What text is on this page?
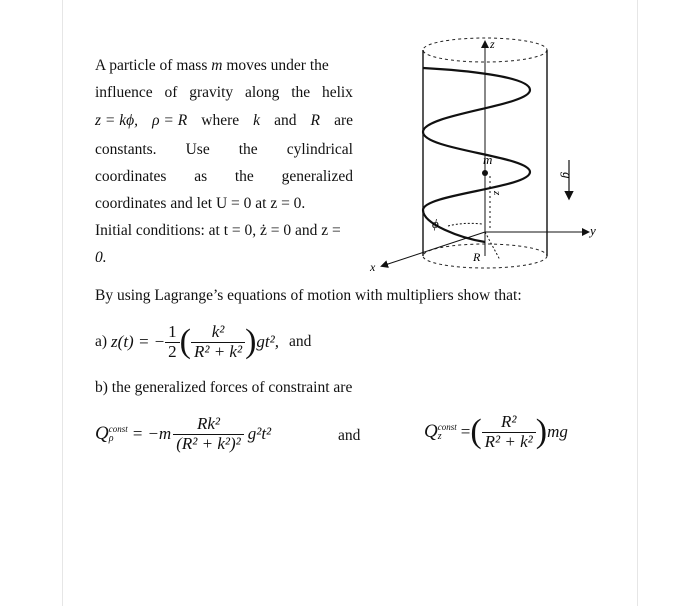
A particle of mass m moves under the
influence of gravity along the helix
z = kϕ, ρ = R where k and R are
constants. Use the cylindrical
coordinates as the generalized
coordinates and let U = 0 at z = 0.
Initial conditions: at t = 0, ż = 0 and z =
0.
z
y
x
m
z
ϕ
R
g
By using Lagrange’s equations of motion with multipliers show that:
a) z(t) = − $\frac{1}{2}$ ( $\frac{\text{k²}}{\text{R² + k²}}$ ) gt², and
b) the generalized forces of constraint are
Q const
ρ	= $-m \frac{\text{Rk²}}{\text{(R² + k²)²}} g^2t^2$	and	Q const
z	= ( $\frac{\text{R²}}{\text{R² + k²}}$ ) mg
